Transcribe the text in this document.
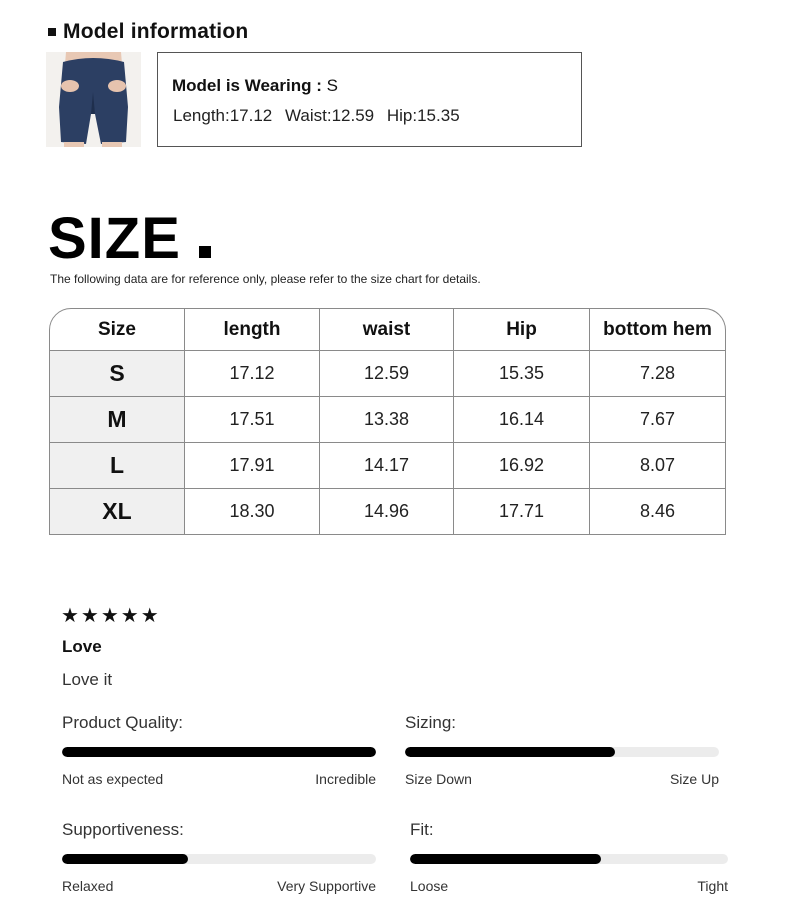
Model information
Model is Wearing : S
Length:17.12 Waist:12.59 Hip:15.35
SIZE
The following data are for reference only, please refer to the size chart for details.
Size	length	waist	Hip	bottom hem
S	17.12	12.59	15.35	7.28
M	17.51	13.38	16.14	7.67
L	17.91	14.17	16.92	8.07
XL	18.30	14.96	17.71	8.46
★★★★★
Love
Love it
Product Quality:
Not as expected	Incredible
Sizing:
Size Down	Size Up
Supportiveness:
Relaxed	Very Supportive
Fit:
Loose	Tight
